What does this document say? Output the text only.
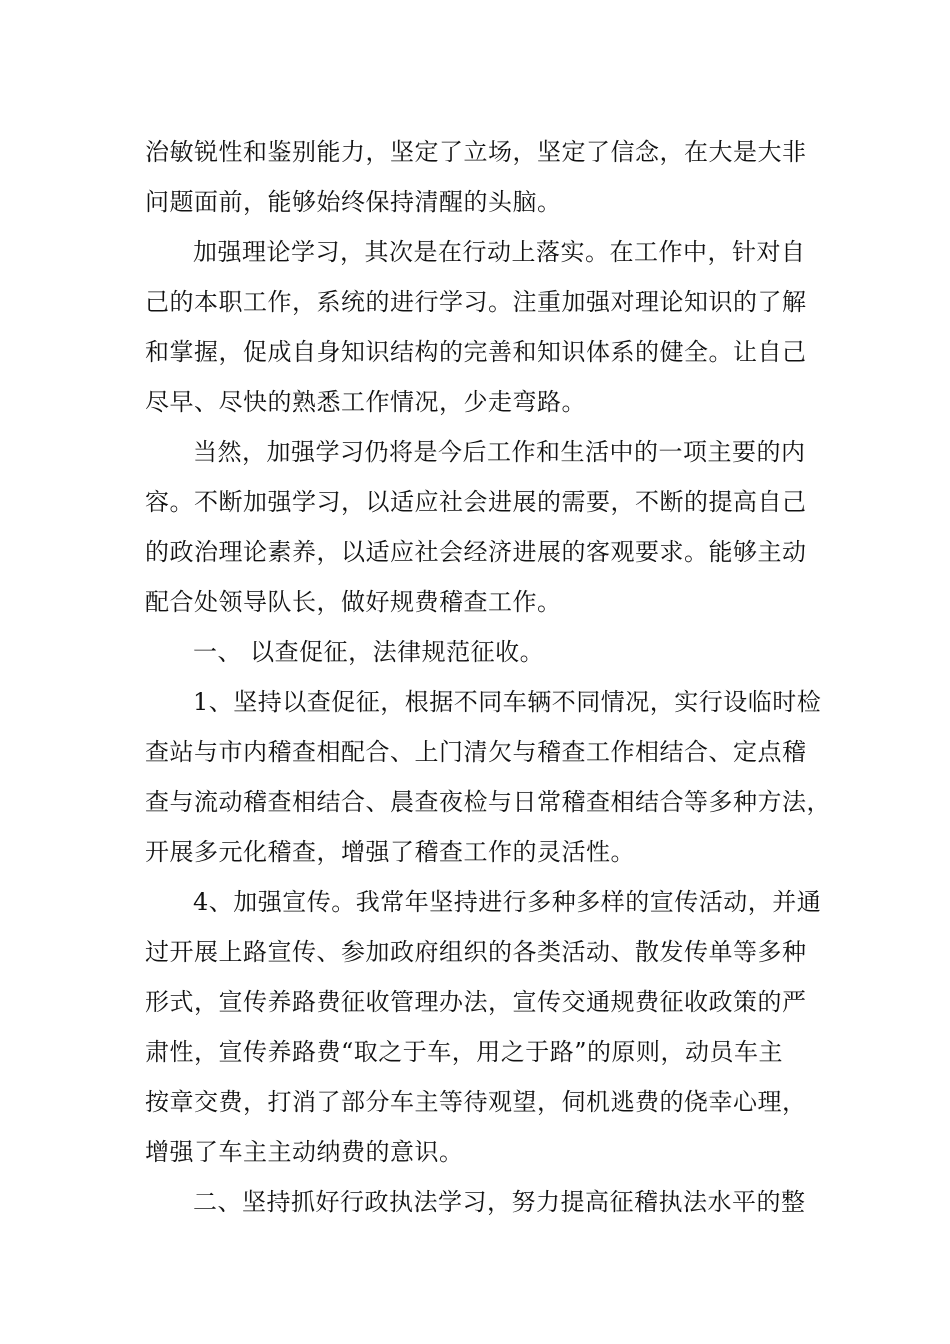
治敏锐性和鉴别能力，坚定了立场，坚定了信念，在大是大非
问题面前，能够始终保持清醒的头脑。
加强理论学习，其次是在行动上落实。在工作中，针对自
己的本职工作，系统的进行学习。注重加强对理论知识的了解
和掌握，促成自身知识结构的完善和知识体系的健全。让自己
尽早、尽快的熟悉工作情况，少走弯路。
当然，加强学习仍将是今后工作和生活中的一项主要的内
容。不断加强学习，以适应社会进展的需要，不断的提高自己
的政治理论素养，以适应社会经济进展的客观要求。能够主动
配合处领导队长，做好规费稽查工作。
一、 以查促征，法律规范征收。
1、坚持以查促征，根据不同车辆不同情况，实行设临时检
查站与市内稽查相配合、上门清欠与稽查工作相结合、定点稽
查与流动稽查相结合、晨查夜检与日常稽查相结合等多种方法，
开展多元化稽查，增强了稽查工作的灵活性。
4、加强宣传。我常年坚持进行多种多样的宣传活动，并通
过开展上路宣传、参加政府组织的各类活动、散发传单等多种
形式，宣传养路费征收管理办法，宣传交通规费征收政策的严
肃性，宣传养路费“取之于车，用之于路”的原则，动员车主
按章交费，打消了部分车主等待观望，伺机逃费的侥幸心理，
增强了车主主动纳费的意识。
二、坚持抓好行政执法学习，努力提高征稽执法水平的整
